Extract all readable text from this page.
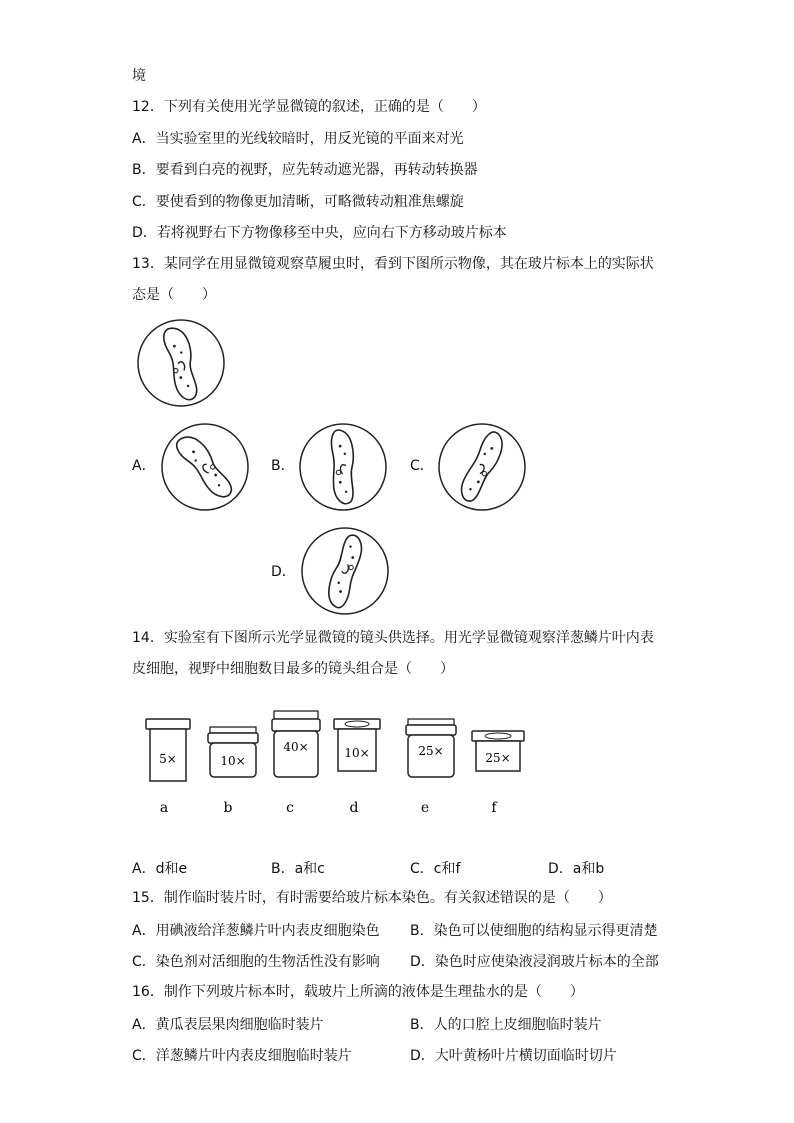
境
12．下列有关使用光学显微镜的叙述，正确的是（　　）
A．当实验室里的光线较暗时，用反光镜的平面来对光
B．要看到白亮的视野，应先转动遮光器，再转动转换器
C．要使看到的物像更加清晰，可略微转动粗准焦螺旋
D．若将视野右下方物像移至中央，应向右下方移动玻片标本
13．某同学在用显微镜观察草履虫时，看到下图所示物像，其在玻片标本上的实际状
态是（　　）
A．	B．	C．
D．
14．实验室有下图所示光学显微镜的镜头供选择。用光学显微镜观察洋葱鳞片叶内表
皮细胞，视野中细胞数目最多的镜头组合是（　　）
5×
a
10×
b
40×
c
10×
d
25×
e
25×
f
A．d和e	B．a和c	C．c和f	D．a和b
15．制作临时装片时，有时需要给玻片标本染色。有关叙述错误的是（　　）
A．用碘液给洋葱鳞片叶内表皮细胞染色 B．染色可以使细胞的结构显示得更清楚
C．染色剂对活细胞的生物活性没有影响 D．染色时应使染液浸润玻片标本的全部
16．制作下列玻片标本时，载玻片上所滴的液体是生理盐水的是（　　）
A．黄瓜表层果肉细胞临时装片	B．人的口腔上皮细胞临时装片
C．洋葱鳞片叶内表皮细胞临时装片	D．大叶黄杨叶片横切面临时切片
